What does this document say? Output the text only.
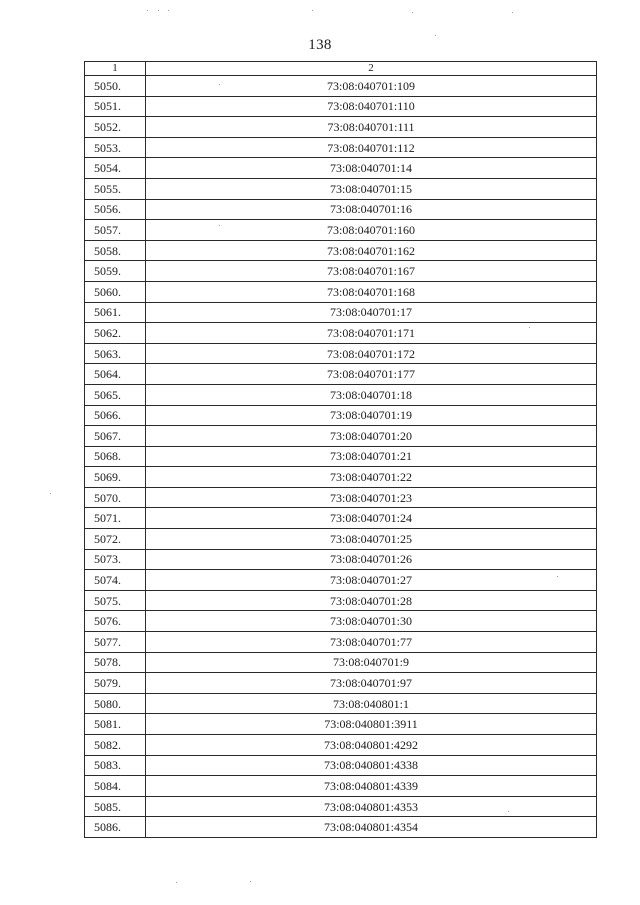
138
1	2
5050.	73:08:040701:109
5051.	73:08:040701:110
5052.	73:08:040701:111
5053.	73:08:040701:112
5054.	73:08:040701:14
5055.	73:08:040701:15
5056.	73:08:040701:16
5057.	73:08:040701:160
5058.	73:08:040701:162
5059.	73:08:040701:167
5060.	73:08:040701:168
5061.	73:08:040701:17
5062.	73:08:040701:171
5063.	73:08:040701:172
5064.	73:08:040701:177
5065.	73:08:040701:18
5066.	73:08:040701:19
5067.	73:08:040701:20
5068.	73:08:040701:21
5069.	73:08:040701:22
5070.	73:08:040701:23
5071.	73:08:040701:24
5072.	73:08:040701:25
5073.	73:08:040701:26
5074.	73:08:040701:27
5075.	73:08:040701:28
5076.	73:08:040701:30
5077.	73:08:040701:77
5078.	73:08:040701:9
5079.	73:08:040701:97
5080.	73:08:040801:1
5081.	73:08:040801:3911
5082.	73:08:040801:4292
5083.	73:08:040801:4338
5084.	73:08:040801:4339
5085.	73:08:040801:4353
5086.	73:08:040801:4354
